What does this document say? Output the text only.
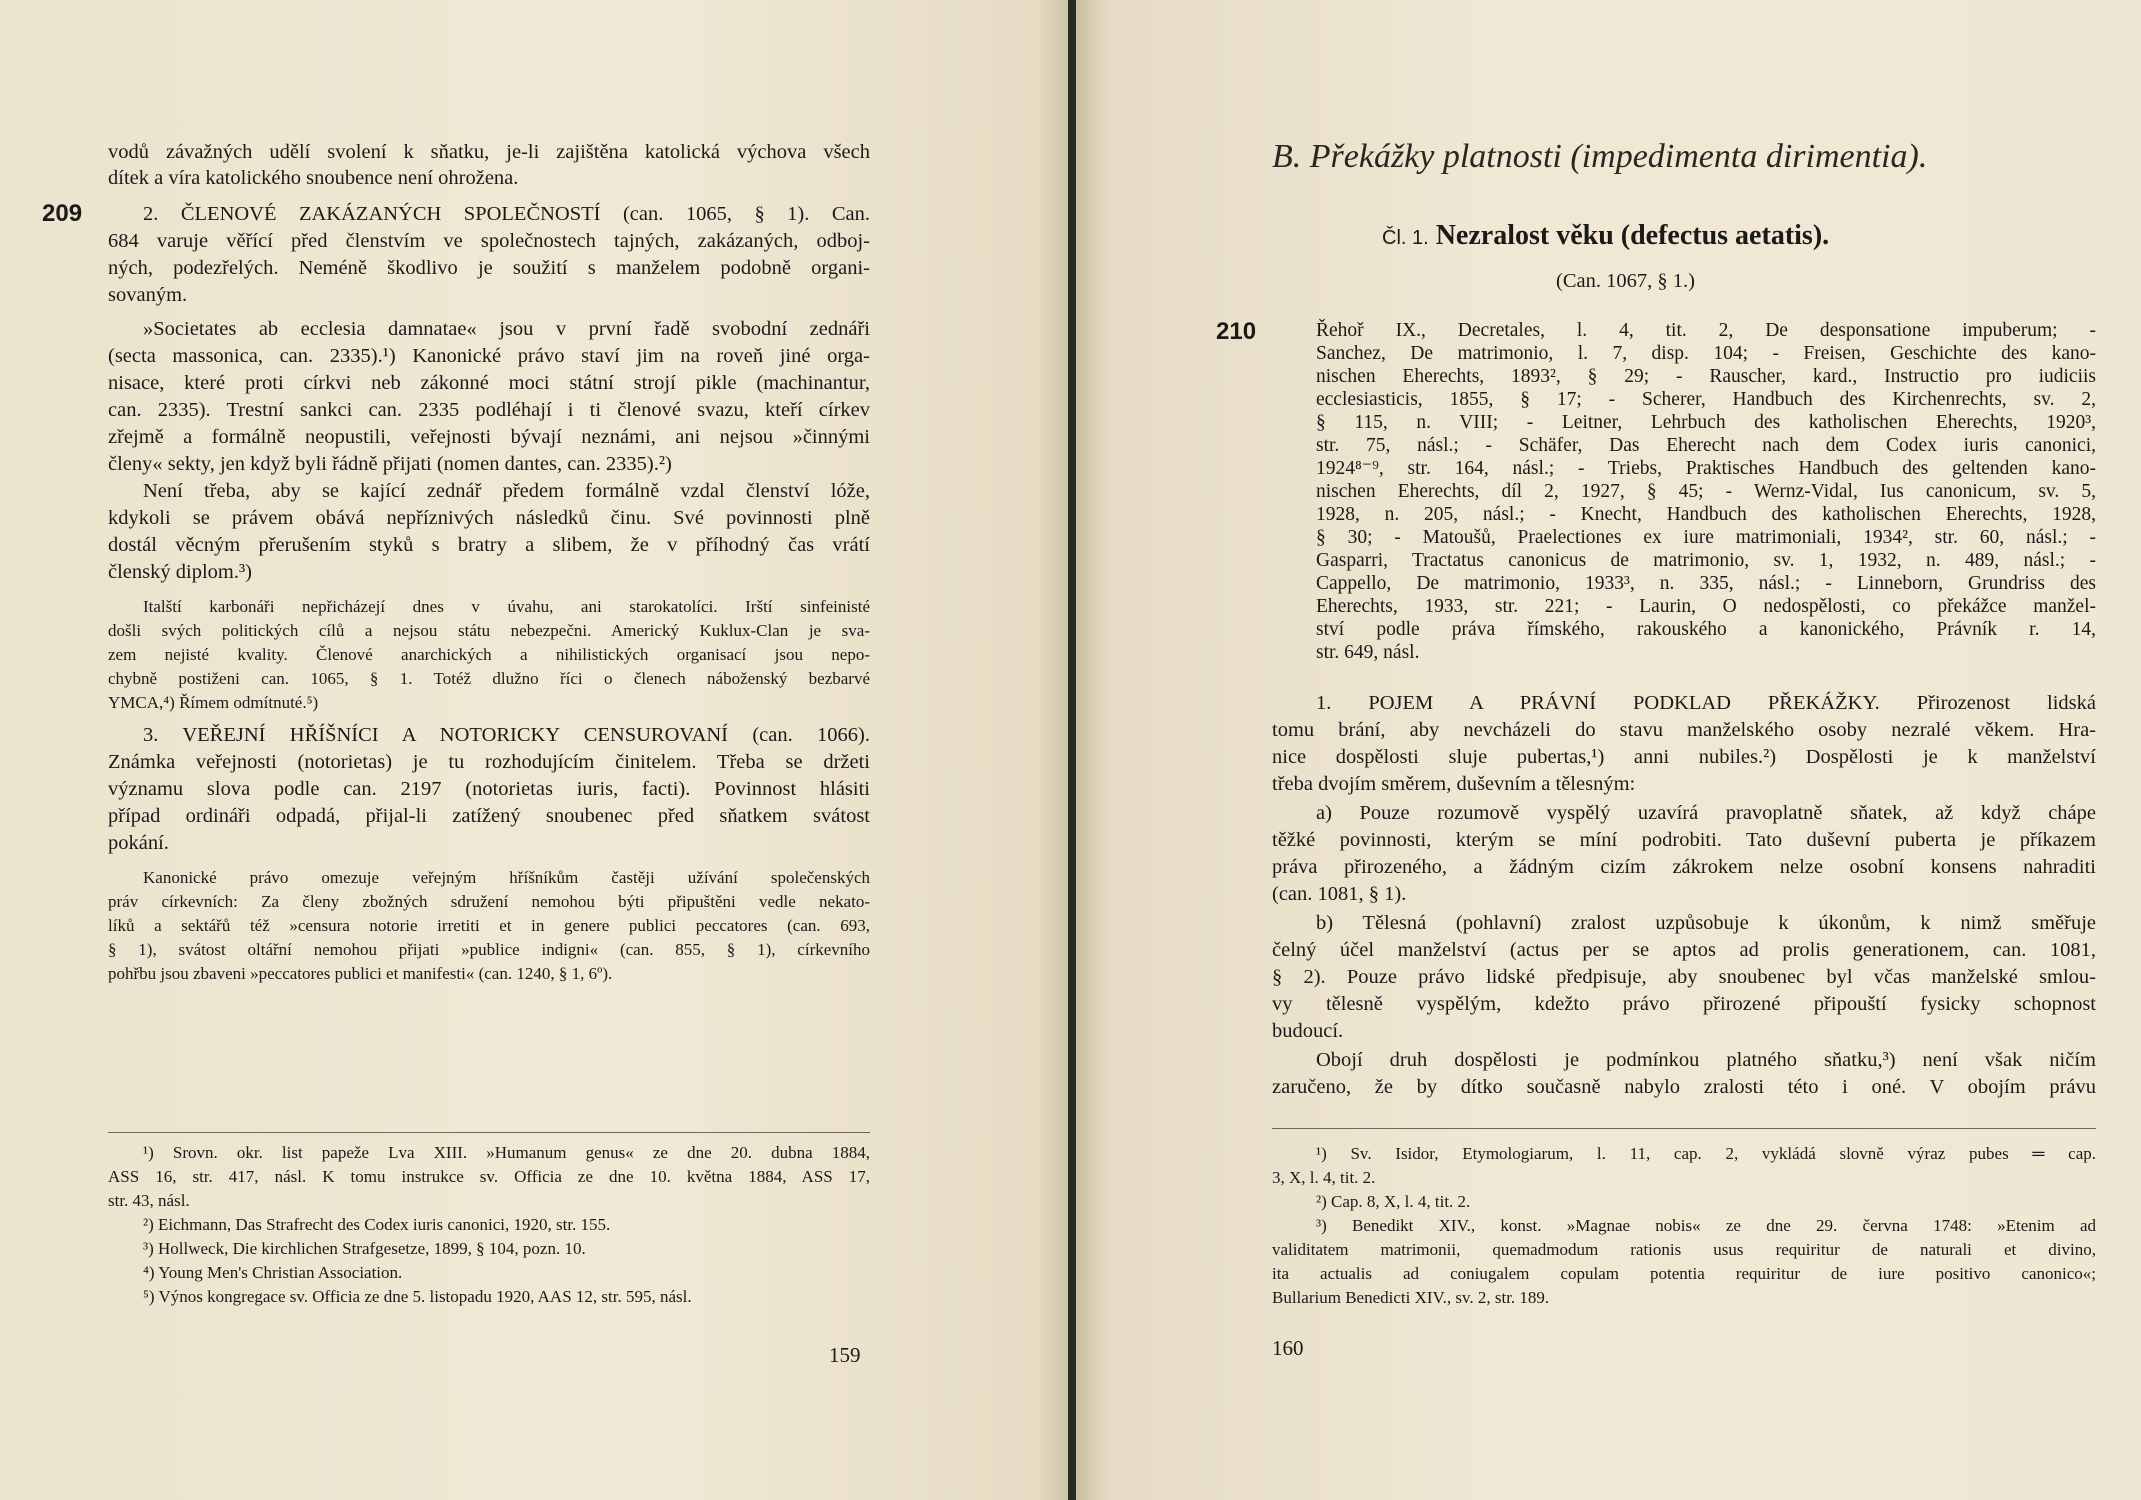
209
vodů závažných udělí svolení k sňatku, je-li zajištěna katolická výchova všech
dítek a víra katolického snoubence není ohrožena.
2. ČLENOVÉ ZAKÁZANÝCH SPOLEČNOSTÍ (can. 1065, § 1). Can.
684 varuje věřící před členstvím ve společnostech tajných, zakázaných, odboj-
ných, podezřelých. Neméně škodlivo je soužití s manželem podobně organi-
sovaným.
»Societates ab ecclesia damnatae« jsou v první řadě svobodní zednáři
(secta massonica, can. 2335).¹) Kanonické právo staví jim na roveň jiné orga-
nisace, které proti církvi neb zákonné moci státní strojí pikle (machinantur,
can. 2335). Trestní sankci can. 2335 podléhají i ti členové svazu, kteří církev
zřejmě a formálně neopustili, veřejnosti bývají neznámi, ani nejsou »činnými
členy« sekty, jen když byli řádně přijati (nomen dantes, can. 2335).²)
Není třeba, aby se kající zednář předem formálně vzdal členství lóže,
kdykoli se právem obává nepříznivých následků činu. Své povinnosti plně
dostál věcným přerušením styků s bratry a slibem, že v příhodný čas vrátí
členský diplom.³)
Italští karbonáři nepřicházejí dnes v úvahu, ani starokatolíci. Irští sinfeinisté
došli svých politických cílů a nejsou státu nebezpečni. Americký Kuklux-Clan je sva-
zem nejisté kvality. Členové anarchických a nihilistických organisací jsou nepo-
chybně postiženi can. 1065, § 1. Totéž dlužno říci o členech náboženský bezbarvé
YMCA,⁴) Římem odmítnuté.⁵)
3. VEŘEJNÍ HŘÍŠNÍCI A NOTORICKY CENSUROVANÍ (can. 1066).
Známka veřejnosti (notorietas) je tu rozhodujícím činitelem. Třeba se držeti
významu slova podle can. 2197 (notorietas iuris, facti). Povinnost hlásiti
případ ordináři odpadá, přijal-li zatížený snoubenec před sňatkem svátost
pokání.
Kanonické právo omezuje veřejným hříšníkům častěji užívání společenských
práv církevních: Za členy zbožných sdružení nemohou býti připuštěni vedle nekato-
líků a sektářů též »censura notorie irretiti et in genere publici peccatores (can. 693,
§ 1), svátost oltářní nemohou přijati »publice indigni« (can. 855, § 1), církevního
pohřbu jsou zbaveni »peccatores publici et manifesti« (can. 1240, § 1, 6º).
¹) Srovn. okr. list papeže Lva XIII. »Humanum genus« ze dne 20. dubna 1884,
ASS 16, str. 417, násl. K tomu instrukce sv. Officia ze dne 10. května 1884, ASS 17,
str. 43, násl.
²) Eichmann, Das Strafrecht des Codex iuris canonici, 1920, str. 155.
³) Hollweck, Die kirchlichen Strafgesetze, 1899, § 104, pozn. 10.
⁴) Young Men's Christian Association.
⁵) Výnos kongregace sv. Officia ze dne 5. listopadu 1920, AAS 12, str. 595, násl.
159
B. Překážky platnosti (impedimenta dirimentia).
Čl. 1. Nezralost věku (defectus aetatis).
(Can. 1067, § 1.)
210	Řehoř IX., Decretales, l. 4, tit. 2, De desponsatione impuberum; -
Sanchez, De matrimonio, l. 7, disp. 104; - Freisen, Geschichte des kano-
nischen Eherechts, 1893², § 29; - Rauscher, kard., Instructio pro iudiciis
ecclesiasticis, 1855, § 17; - Scherer, Handbuch des Kirchenrechts, sv. 2,
§ 115, n. VIII; - Leitner, Lehrbuch des katholischen Eherechts, 1920³,
str. 75, násl.; - Schäfer, Das Eherecht nach dem Codex iuris canonici,
1924⁸⁻⁹, str. 164, násl.; - Triebs, Praktisches Handbuch des geltenden kano-
nischen Eherechts, díl 2, 1927, § 45; - Wernz-Vidal, Ius canonicum, sv. 5,
1928, n. 205, násl.; - Knecht, Handbuch des katholischen Eherechts, 1928,
§ 30; - Matoušů, Praelectiones ex iure matrimoniali, 1934², str. 60, násl.; -
Gasparri, Tractatus canonicus de matrimonio, sv. 1, 1932, n. 489, násl.; -
Cappello, De matrimonio, 1933³, n. 335, násl.; - Linneborn, Grundriss des
Eherechts, 1933, str. 221; - Laurin, O nedospělosti, co překážce manžel-
ství podle práva římského, rakouského a kanonického, Právník r. 14,
str. 649, násl.
1. POJEM A PRÁVNÍ PODKLAD PŘEKÁŽKY. Přirozenost lidská
tomu brání, aby nevcházeli do stavu manželského osoby nezralé věkem. Hra-
nice dospělosti sluje pubertas,¹) anni nubiles.²) Dospělosti je k manželství
třeba dvojím směrem, duševním a tělesným:
a) Pouze rozumově vyspělý uzavírá pravoplatně sňatek, až když chápe
těžké povinnosti, kterým se míní podrobiti. Tato duševní puberta je příkazem
práva přirozeného, a žádným cizím zákrokem nelze osobní konsens nahraditi
(can. 1081, § 1).
b) Tělesná (pohlavní) zralost uzpůsobuje k úkonům, k nimž směřuje
čelný účel manželství (actus per se aptos ad prolis generationem, can. 1081,
§ 2). Pouze právo lidské předpisuje, aby snoubenec byl včas manželské smlou-
vy tělesně vyspělým, kdežto právo přirozené připouští fysicky schopnost
budoucí.
Obojí druh dospělosti je podmínkou platného sňatku,³) není však ničím
zaručeno, že by dítko současně nabylo zralosti této i oné. V obojím právu
¹) Sv. Isidor, Etymologiarum, l. 11, cap. 2, vykládá slovně výraz pubes ═ cap.
3, X, l. 4, tit. 2.
²) Cap. 8, X, l. 4, tit. 2.
³) Benedikt XIV., konst. »Magnae nobis« ze dne 29. června 1748: »Etenim ad
validitatem matrimonii, quemadmodum rationis usus requiritur de naturali et divino,
ita actualis ad coniugalem copulam potentia requiritur de iure positivo canonico«;
Bullarium Benedicti XIV., sv. 2, str. 189.
160
